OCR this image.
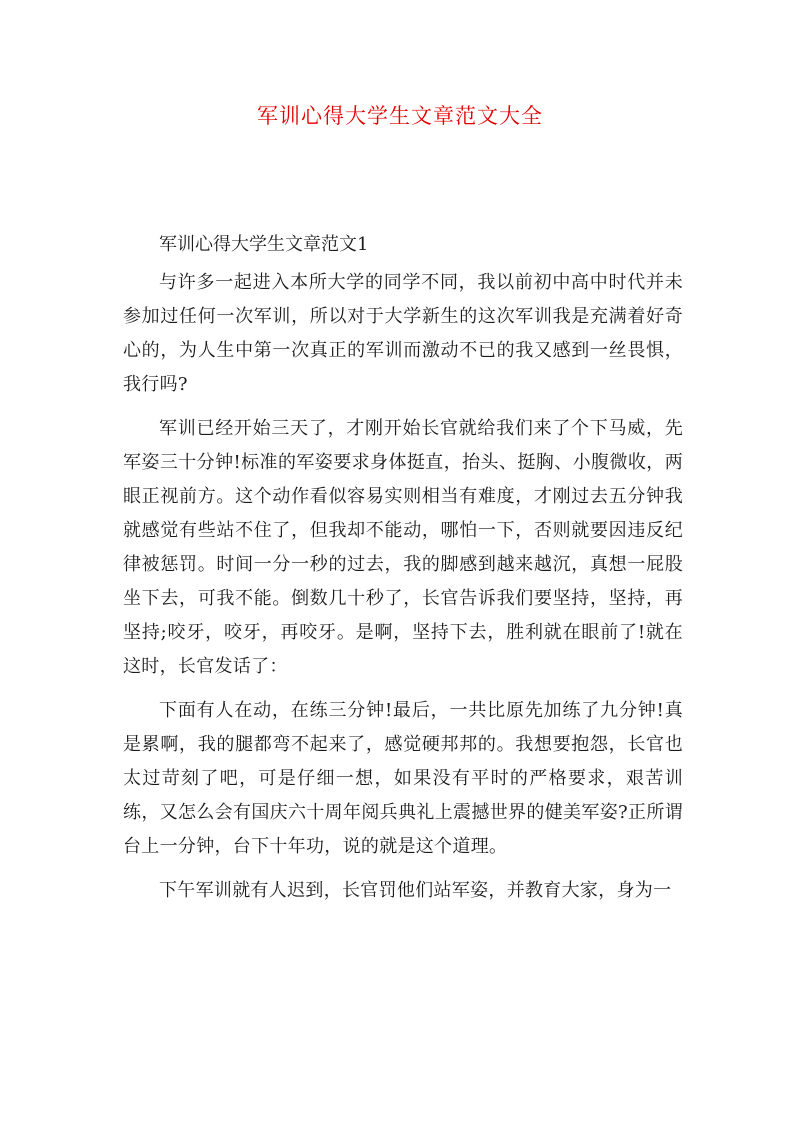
军训心得大学生文章范文大全

军训心得大学生文章范文1

与许多一起进入本所大学的同学不同，我以前初中高中时代并未参加过任何一次军训，所以对于大学新生的这次军训我是充满着好奇心的，为人生中第一次真正的军训而激动不已的我又感到一丝畏惧，我行吗?

军训已经开始三天了，才刚开始长官就给我们来了个下马威，先军姿三十分钟!标准的军姿要求身体挺直，抬头、挺胸、小腹微收，两眼正视前方。这个动作看似容易实则相当有难度，才刚过去五分钟我就感觉有些站不住了，但我却不能动，哪怕一下，否则就要因违反纪律被惩罚。时间一分一秒的过去，我的脚感到越来越沉，真想一屁股坐下去，可我不能。倒数几十秒了，长官告诉我们要坚持，坚持，再坚持;咬牙，咬牙，再咬牙。是啊，坚持下去，胜利就在眼前了!就在这时，长官发话了：

下面有人在动，在练三分钟!最后，一共比原先加练了九分钟!真是累啊，我的腿都弯不起来了，感觉硬邦邦的。我想要抱怨，长官也太过苛刻了吧，可是仔细一想，如果没有平时的严格要求，艰苦训练，又怎么会有国庆六十周年阅兵典礼上震撼世界的健美军姿?正所谓台上一分钟，台下十年功，说的就是这个道理。

下午军训就有人迟到，长官罚他们站军姿，并教育大家，身为一
